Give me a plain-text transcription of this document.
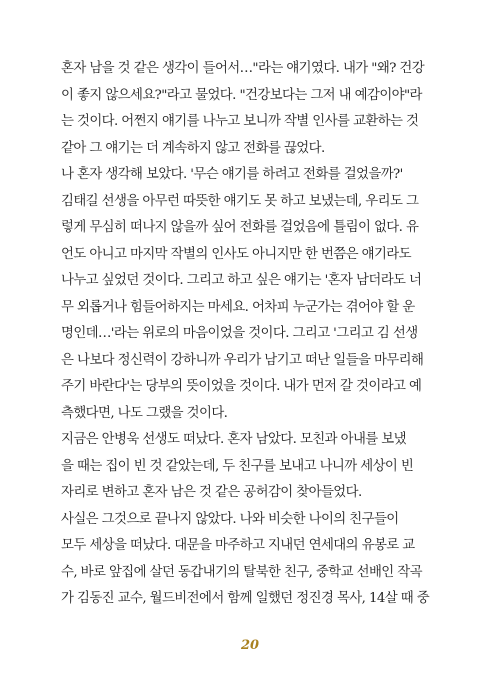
혼자 남을 것 같은 생각이 들어서…"라는 얘기였다. 내가 "왜? 건강
이 좋지 않으세요?"라고 물었다. "건강보다는 그저 내 예감이야"라
는 것이다. 어쩐지 얘기를 나누고 보니까 작별 인사를 교환하는 것
같아 그 얘기는 더 계속하지 않고 전화를 끊었다.
나 혼자 생각해 보았다. '무슨 얘기를 하려고 전화를 걸었을까?'
김태길 선생을 아무런 따뜻한 얘기도 못 하고 보냈는데, 우리도 그
렇게 무심히 떠나지 않을까 싶어 전화를 걸었음에 틀림이 없다. 유
언도 아니고 마지막 작별의 인사도 아니지만 한 번쯤은 얘기라도
나누고 싶었던 것이다. 그리고 하고 싶은 얘기는 '혼자 남더라도 너
무 외롭거나 힘들어하지는 마세요. 어차피 누군가는 겪어야 할 운
명인데…'라는 위로의 마음이었을 것이다. 그리고 '그리고 김 선생
은 나보다 정신력이 강하니까 우리가 남기고 떠난 일들을 마무리해
주기 바란다'는 당부의 뜻이었을 것이다. 내가 먼저 갈 것이라고 예
측했다면, 나도 그랬을 것이다.
지금은 안병욱 선생도 떠났다. 혼자 남았다. 모친과 아내를 보냈
을 때는 집이 빈 것 같았는데, 두 친구를 보내고 나니까 세상이 빈
자리로 변하고 혼자 남은 것 같은 공허감이 찾아들었다.
사실은 그것으로 끝나지 않았다. 나와 비슷한 나이의 친구들이
모두 세상을 떠났다. 대문을 마주하고 지내던 연세대의 유봉로 교
수, 바로 앞집에 살던 동갑내기의 탈북한 친구, 중학교 선배인 작곡
가 김동진 교수, 월드비전에서 함께 일했던 정진경 목사, 14살 때 중
20
